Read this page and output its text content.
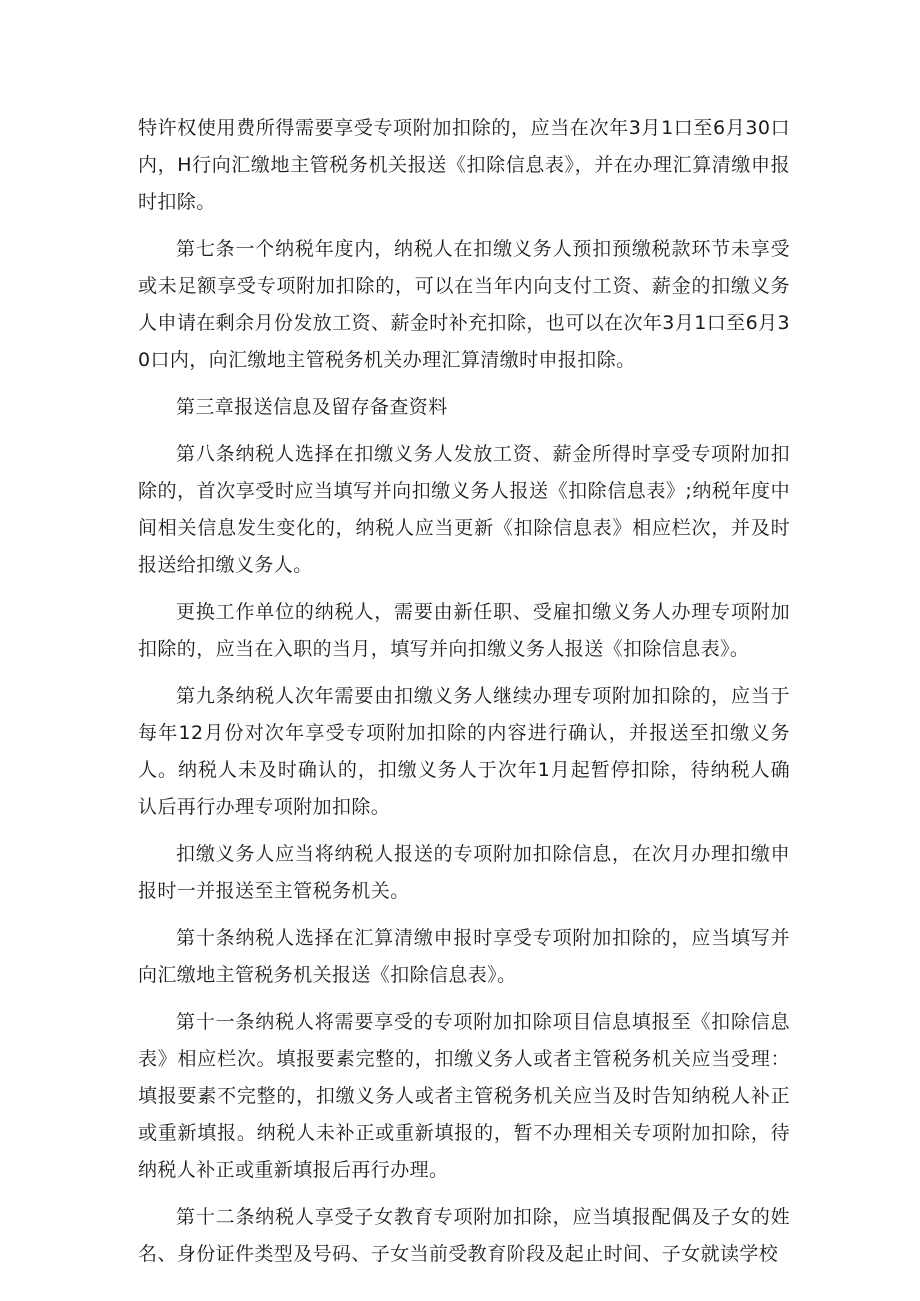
特许权使用费所得需要享受专项附加扣除的，应当在次年3月1口至6月30口内，H行向汇缴地主管税务机关报送《扣除信息表》，并在办理汇算清缴申报时扣除。

第七条一个纳税年度内，纳税人在扣缴义务人预扣预缴税款环节未享受或未足额享受专项附加扣除的，可以在当年内向支付工资、薪金的扣缴义务人申请在剩余月份发放工资、薪金时补充扣除，也可以在次年3月1口至6月30口内，向汇缴地主管税务机关办理汇算清缴时申报扣除。

第三章报送信息及留存备查资料

第八条纳税人选择在扣缴义务人发放工资、薪金所得时享受专项附加扣除的，首次享受时应当填写并向扣缴义务人报送《扣除信息表》;纳税年度中间相关信息发生变化的，纳税人应当更新《扣除信息表》相应栏次，并及时报送给扣缴义务人。

更换工作单位的纳税人，需要由新任职、受雇扣缴义务人办理专项附加扣除的，应当在入职的当月，填写并向扣缴义务人报送《扣除信息表》。

第九条纳税人次年需要由扣缴义务人继续办理专项附加扣除的，应当于每年12月份对次年享受专项附加扣除的内容进行确认，并报送至扣缴义务人。纳税人未及时确认的，扣缴义务人于次年1月起暂停扣除，待纳税人确认后再行办理专项附加扣除。

扣缴义务人应当将纳税人报送的专项附加扣除信息，在次月办理扣缴申报时一并报送至主管税务机关。

第十条纳税人选择在汇算清缴申报时享受专项附加扣除的，应当填写并向汇缴地主管税务机关报送《扣除信息表》。

第十一条纳税人将需要享受的专项附加扣除项目信息填报至《扣除信息表》相应栏次。填报要素完整的，扣缴义务人或者主管税务机关应当受理：填报要素不完整的，扣缴义务人或者主管税务机关应当及时告知纳税人补正或重新填报。纳税人未补正或重新填报的，暂不办理相关专项附加扣除，待纳税人补正或重新填报后再行办理。

第十二条纳税人享受子女教育专项附加扣除，应当填报配偶及子女的姓名、身份证件类型及号码、子女当前受教育阶段及起止时间、子女就读学校
